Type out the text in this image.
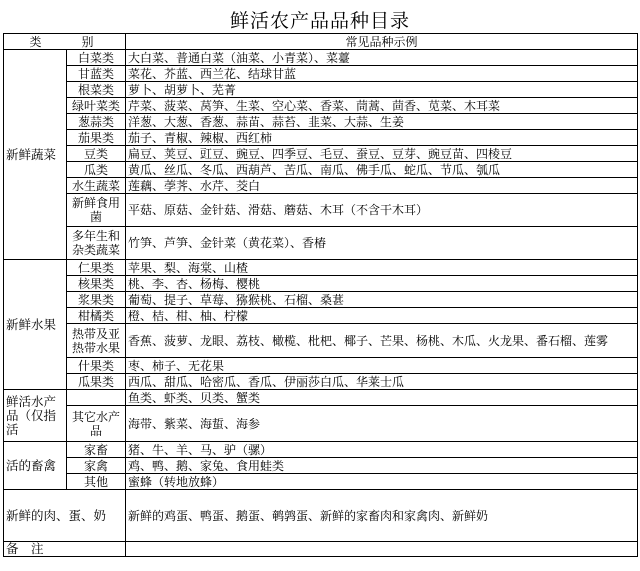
鲜活农产品品种目录
类　别		常见品种示例
新鲜蔬菜	白菜类	大白菜、普通白菜（油菜、小青菜）、菜薹
	甘蓝类	菜花、芥蓝、西兰花、结球甘蓝
	根菜类	萝卜、胡萝卜、芜菁
	绿叶菜类	芹菜、菠菜、莴笋、生菜、空心菜、香菜、茼蒿、茴香、苋菜、木耳菜
	葱蒜类	洋葱、大葱、香葱、蒜苗、蒜苔、韭菜、大蒜、生姜
	茄果类	茄子、青椒、辣椒、西红柿
	豆类	扁豆、荚豆、豇豆、豌豆、四季豆、毛豆、蚕豆、豆芽、豌豆苗、四棱豆
	瓜类	黄瓜、丝瓜、冬瓜、西葫芦、苦瓜、南瓜、佛手瓜、蛇瓜、节瓜、瓠瓜
	水生蔬菜	莲藕、荸荠、水芹、茭白
	新鲜食用菌	平菇、原菇、金针菇、滑菇、蘑菇、木耳（不含干木耳）
	多年生和杂类蔬菜	竹笋、芦笋、金针菜（黄花菜）、香椿
新鲜水果	仁果类	苹果、梨、海棠、山楂
	核果类	桃、李、杏、杨梅、樱桃
	浆果类	葡萄、提子、草莓、猕猴桃、石榴、桑葚
	柑橘类	橙、桔、柑、柚、柠檬
	热带及亚热带水果	香蕉、菠萝、龙眼、荔枝、橄榄、枇杷、椰子、芒果、杨桃、木瓜、火龙果、番石榴、莲雾
	什果类	枣、柿子、无花果
	瓜果类	西瓜、甜瓜、哈密瓜、香瓜、伊丽莎白瓜、华莱士瓜
鲜活水产品（仅指活		鱼类、虾类、贝类、蟹类
	其它水产品	海带、紫菜、海蜇、海参
活的畜禽	家畜	猪、牛、羊、马、驴（骡）
	家禽	鸡、鸭、鹅、家兔、食用蛙类
	其他	蜜蜂（转地放蜂）
新鲜的肉、蛋、奶		新鲜的鸡蛋、鸭蛋、鹅蛋、鹌鹑蛋、新鲜的家畜肉和家禽肉、新鲜奶
备　注		
